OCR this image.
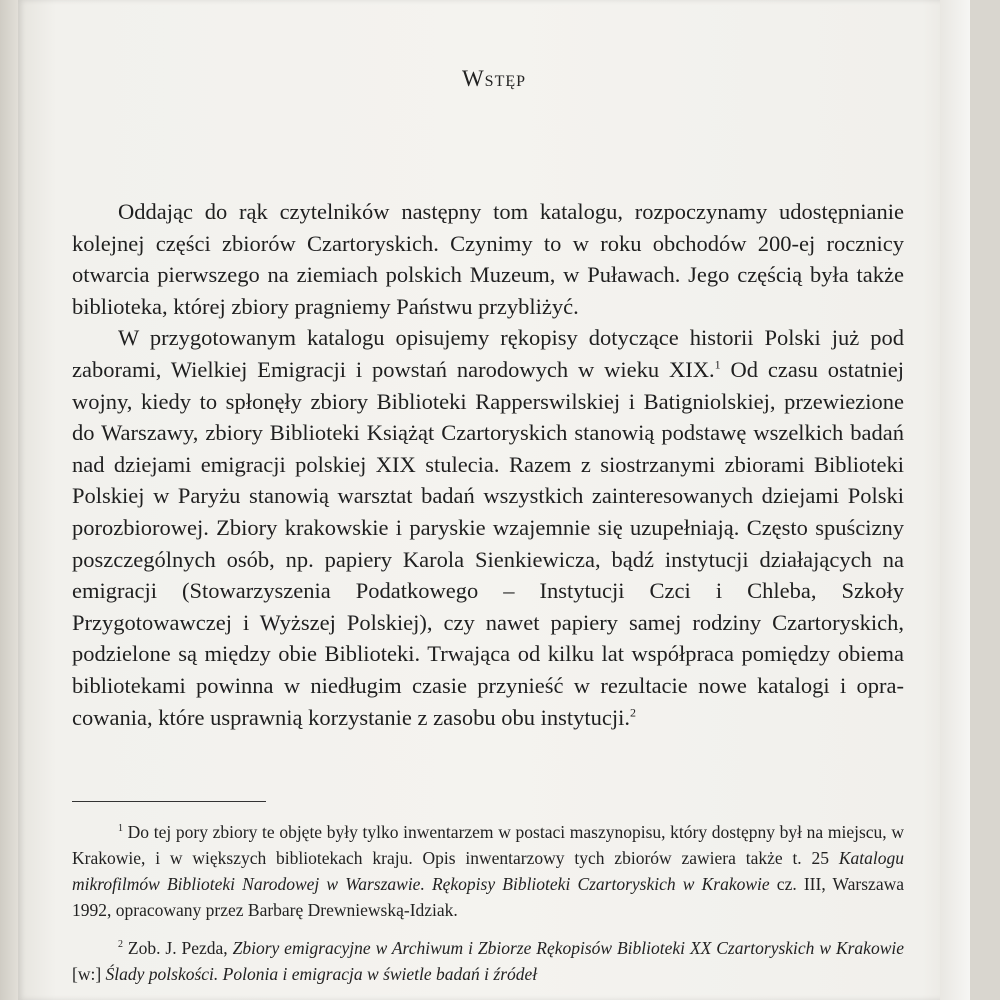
Wstęp

Oddając do rąk czytelników następny tom katalogu, rozpoczynamy udostępnianie kolejnej części zbiorów Czartoryskich. Czynimy to w roku obchodów 200-ej rocznicy otwarcia pierwszego na ziemiach polskich Muzeum, w Puławach. Jego częścią była także biblioteka, której zbiory pragniemy Państwu przybliżyć.

W przygotowanym katalogu opisujemy rękopisy dotyczące historii Polski już pod zaborami, Wielkiej Emigracji i powstań narodowych w wieku XIX.$^1$ Od czasu ostatniej wojny, kiedy to spłonęły zbiory Biblioteki Rapperswilskiej i Batigniolskiej, przewiezione do Warszawy, zbiory Biblioteki Książąt Czartoryskich stanowią podstawę wszelkich badań nad dziejami emigracji polskiej XIX stulecia. Razem z siostrzanymi zbiorami Biblioteki Polskiej w Paryżu stanowią warsztat badań wszystkich zainteresowanych dziejami Polski porozbiorowej. Zbiory krakowskie i paryskie wzajemnie się uzupełniają. Często spuścizny poszczególnych osób, np. papiery Karola Sienkiewicza, bądź instytucji działających na emigracji (Stowarzyszenia Podatkowego – Instytucji Czci i Chleba, Szkoły Przygotowawczej i Wyższej Polskiej), czy nawet papiery samej rodziny Czartoryskich, podzielone są między obie Biblioteki. Trwająca od kilku lat współpraca pomiędzy obiema bibliotekami powinna w niedługim czasie przynieść w rezultacie nowe katalogi i opracowania, które usprawnią korzystanie z zasobu obu instytucji.$^2$

$^1$ Do tej pory zbiory te objęte były tylko inwentarzem w postaci maszynopisu, który dostępny był na miejscu, w Krakowie, i w większych bibliotekach kraju. Opis inwentarzowy tych zbiorów zawiera także t. 25 Katalogu mikrofilmów Biblioteki Narodowej w Warszawie. Rękopisy Biblioteki Czartoryskich w Krakowie cz. III, Warszawa 1992, opracowany przez Barbarę Drewniewską-Idziak.

$^2$ Zob. J. Pezda, Zbiory emigracyjne w Archiwum i Zbiorze Rękopisów Biblioteki XX Czartoryskich w Krakowie [w:] Ślady polskości. Polonia i emigracja w świetle badań i źródeł
